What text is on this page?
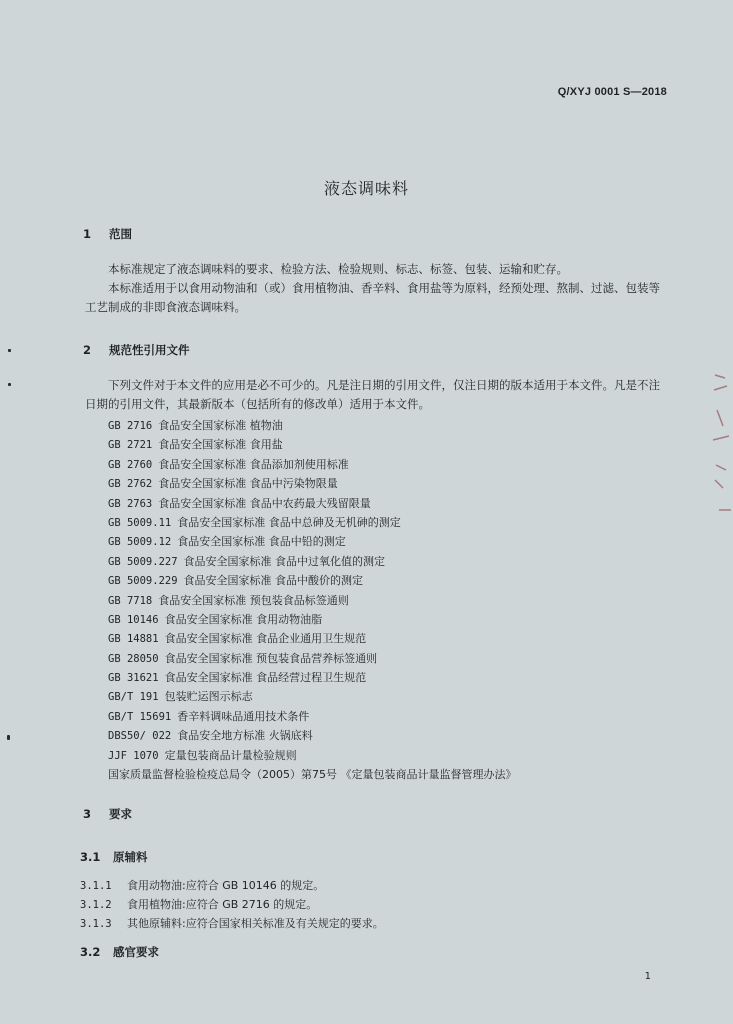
Q/XYJ 0001 S—2018
液态调味料
1 范围

本标准规定了液态调味料的要求、检验方法、检验规则、标志、标签、包装、运输和贮存。

本标准适用于以食用动物油和（或）食用植物油、香辛料、食用盐等为原料，经预处理、熬制、过滤、包装等工艺制成的非即食液态调味料。

2 规范性引用文件

下列文件对于本文件的应用是必不可少的。凡是注日期的引用文件，仅注日期的版本适用于本文件。凡是不注日期的引用文件，其最新版本（包括所有的修改单）适用于本文件。

GB 2716 食品安全国家标准 植物油
GB 2721 食品安全国家标准 食用盐
GB 2760 食品安全国家标准 食品添加剂使用标准
GB 2762 食品安全国家标准 食品中污染物限量
GB 2763 食品安全国家标准 食品中农药最大残留限量
GB 5009.11 食品安全国家标准 食品中总砷及无机砷的测定
GB 5009.12 食品安全国家标准 食品中铅的测定
GB 5009.227 食品安全国家标准 食品中过氧化值的测定
GB 5009.229 食品安全国家标准 食品中酸价的测定
GB 7718 食品安全国家标准 预包装食品标签通则
GB 10146 食品安全国家标准 食用动物油脂
GB 14881 食品安全国家标准 食品企业通用卫生规范
GB 28050 食品安全国家标准 预包装食品营养标签通则
GB 31621 食品安全国家标准 食品经营过程卫生规范
GB/T 191 包装贮运图示标志
GB/T 15691 香辛料调味品通用技术条件
DBS50/ 022 食品安全地方标准 火锅底料
JJF 1070 定量包装商品计量检验规则
国家质量监督检验检疫总局令（2005）第75号 《定量包装商品计量监督管理办法》
3 要求
3.1 原辅料
3.1.1 食用动物油:应符合 GB 10146 的规定。
3.1.2 食用植物油:应符合 GB 2716 的规定。
3.1.3 其他原辅料:应符合国家相关标准及有关规定的要求。
3.2 感官要求
1
